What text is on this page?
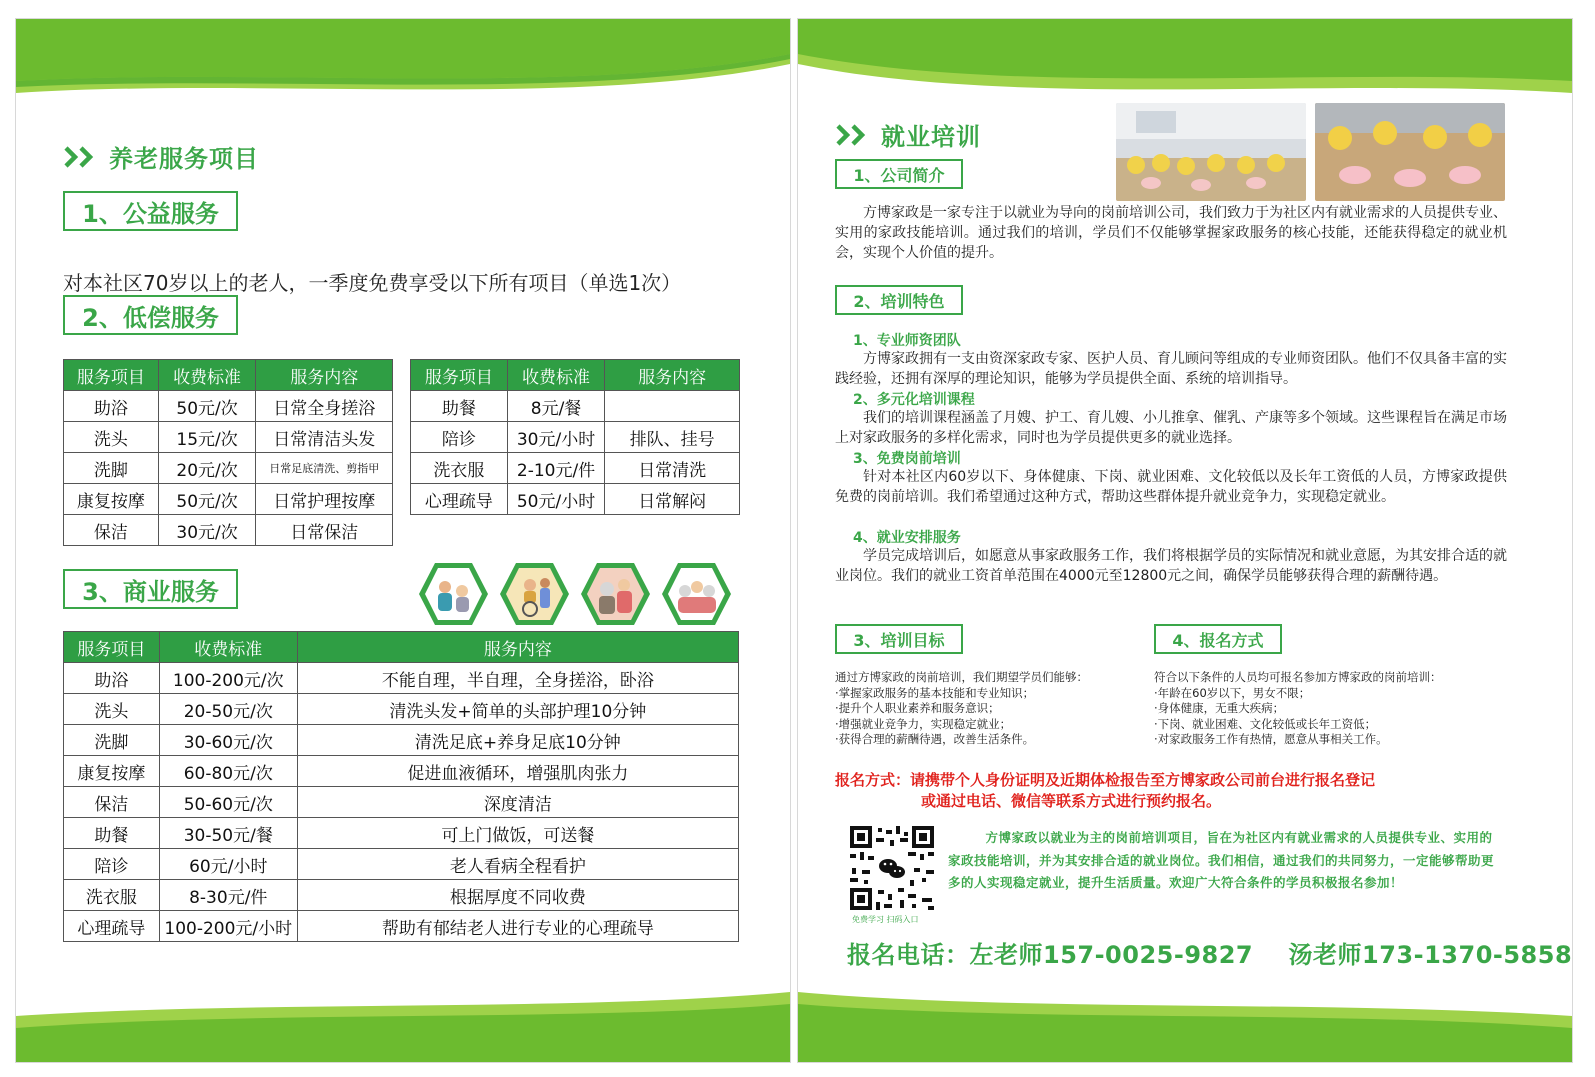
养老服务项目
1、公益服务
对本社区70岁以上的老人，一季度免费享受以下所有项目（单选1次）
2、低偿服务
服务项目	收费标准	服务内容
助浴	50元/次	日常全身搓浴
洗头	15元/次	日常清洁头发
洗脚	20元/次	日常足底清洗、剪指甲
康复按摩	50元/次	日常护理按摩
保洁	30元/次	日常保洁
服务项目	收费标准	服务内容
助餐	8元/餐	
陪诊	30元/小时	排队、挂号
洗衣服	2-10元/件	日常清洗
心理疏导	50元/小时	日常解闷
3、商业服务
服务项目	收费标准	服务内容
助浴	100-200元/次	不能自理，半自理，全身搓浴，卧浴
洗头	20-50元/次	清洗头发+简单的头部护理10分钟
洗脚	30-60元/次	清洗足底+养身足底10分钟
康复按摩	60-80元/次	促进血液循环，增强肌肉张力
保洁	50-60元/次	深度清洁
助餐	30-50元/餐	可上门做饭，可送餐
陪诊	60元/小时	老人看病全程看护
洗衣服	8-30元/件	根据厚度不同收费
心理疏导	100-200元/小时	帮助有郁结老人进行专业的心理疏导
就业培训
1、公司简介
方博家政是一家专注于以就业为导向的岗前培训公司，我们致力于为社区内有就业需求的人员提供专业、实用的家政技能培训。通过我们的培训，学员们不仅能够掌握家政服务的核心技能，还能获得稳定的就业机会，实现个人价值的提升。
2、培训特色
1、专业师资团队
方博家政拥有一支由资深家政专家、医护人员、育儿顾问等组成的专业师资团队。他们不仅具备丰富的实践经验，还拥有深厚的理论知识，能够为学员提供全面、系统的培训指导。
2、多元化培训课程
我们的培训课程涵盖了月嫂、护工、育儿嫂、小儿推拿、催乳、产康等多个领域。这些课程旨在满足市场上对家政服务的多样化需求，同时也为学员提供更多的就业选择。
3、免费岗前培训
针对本社区内60岁以下、身体健康、下岗、就业困难、文化较低以及长年工资低的人员，方博家政提供免费的岗前培训。我们希望通过这种方式，帮助这些群体提升就业竞争力，实现稳定就业。
4、就业安排服务
学员完成培训后，如愿意从事家政服务工作，我们将根据学员的实际情况和就业意愿，为其安排合适的就业岗位。我们的就业工资首单范围在4000元至12800元之间，确保学员能够获得合理的薪酬待遇。
3、培训目标	4、报名方式
通过方博家政的岗前培训，我们期望学员们能够：
·掌握家政服务的基本技能和专业知识；
·提升个人职业素养和服务意识；
·增强就业竞争力，实现稳定就业；
·获得合理的薪酬待遇，改善生活条件。
符合以下条件的人员均可报名参加方博家政的岗前培训：
·年龄在60岁以下，男女不限；
·身体健康，无重大疾病；
·下岗、就业困难、文化较低或长年工资低；
·对家政服务工作有热情，愿意从事相关工作。
报名方式：请携带个人身份证明及近期体检报告至方博家政公司前台进行报名登记
或通过电话、微信等联系方式进行预约报名。
免费学习 扫码入口
方博家政以就业为主的岗前培训项目，旨在为社区内有就业需求的人员提供专业、实用的家政技能培训，并为其安排合适的就业岗位。我们相信，通过我们的共同努力，一定能够帮助更多的人实现稳定就业，提升生活质量。欢迎广大符合条件的学员积极报名参加！
报名电话：左老师157-0025-9827    汤老师173-1370-5858
